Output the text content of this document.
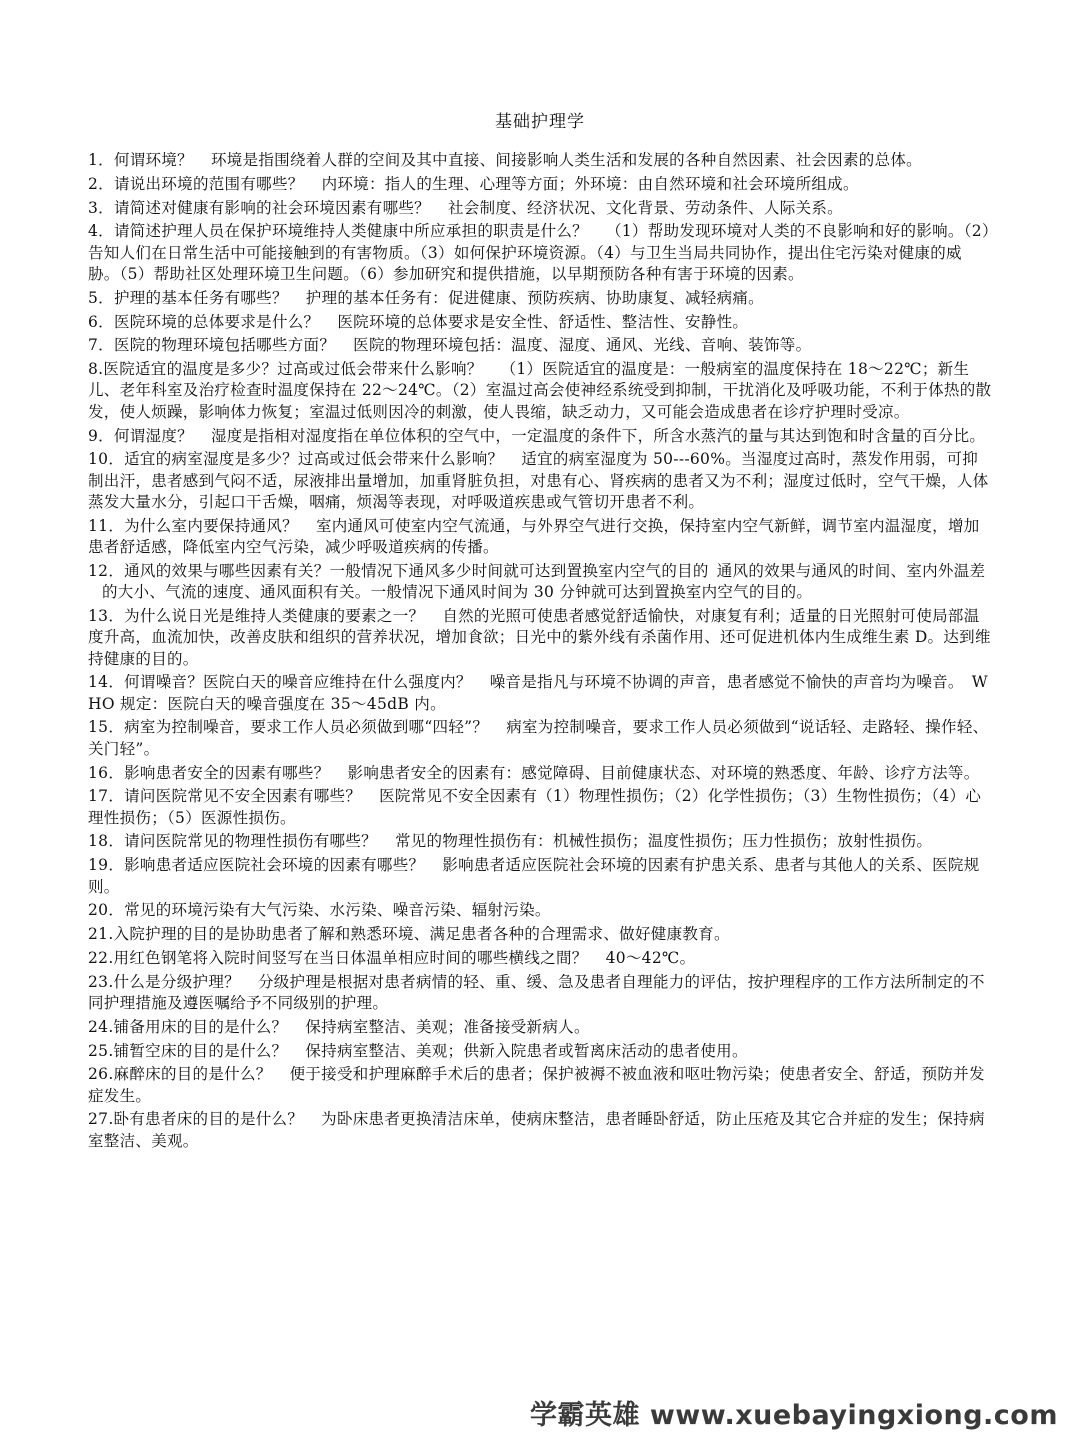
基础护理学

1．何谓环境？ 环境是指围绕着人群的空间及其中直接、间接影响人类生活和发展的各种自然因素、社会因素的总体。

2．请说出环境的范围有哪些？ 内环境：指人的生理、心理等方面；外环境：由自然环境和社会环境所组成。

3．请简述对健康有影响的社会环境因素有哪些？ 社会制度、经济状况、文化背景、劳动条件、人际关系。

4．请简述护理人员在保护环境维持人类健康中所应承担的职责是什么？ （1）帮助发现环境对人类的不良影响和好的影响。（2）告知人们在日常生活中可能接触到的有害物质。（3）如何保护环境资源。（4）与卫生当局共同协作，提出住宅污染对健康的威胁。（5）帮助社区处理环境卫生问题。（6）参加研究和提供措施，以早期预防各种有害于环境的因素。

5．护理的基本任务有哪些？ 护理的基本任务有：促进健康、预防疾病、协助康复、减轻病痛。

6．医院环境的总体要求是什么？ 医院环境的总体要求是安全性、舒适性、整洁性、安静性。

7．医院的物理环境包括哪些方面？ 医院的物理环境包括：温度、湿度、通风、光线、音响、装饰等。

8.医院适宜的温度是多少？过高或过低会带来什么影响？ （1）医院适宜的温度是：一般病室的温度保持在 18～22℃；新生儿、老年科室及治疗检查时温度保持在 22～24℃。（2）室温过高会使神经系统受到抑制，干扰消化及呼吸功能，不利于体热的散发，使人烦躁，影响体力恢复；室温过低则因冷的刺激，使人畏缩，缺乏动力，又可能会造成患者在诊疗护理时受凉。

9．何谓湿度？ 湿度是指相对湿度指在单位体积的空气中，一定温度的条件下，所含水蒸汽的量与其达到饱和时含量的百分比。

10．适宜的病室湿度是多少？过高或过低会带来什么影响？ 适宜的病室湿度为 50---60%。当湿度过高时，蒸发作用弱，可抑制出汗，患者感到气闷不适，尿液排出量增加，加重肾脏负担，对患有心、肾疾病的患者又为不利；湿度过低时，空气干燥，人体蒸发大量水分，引起口干舌燥，咽痛，烦渴等表现，对呼吸道疾患或气管切开患者不利。

11．为什么室内要保持通风？ 室内通风可使室内空气流通，与外界空气进行交换，保持室内空气新鲜，调节室内温湿度，增加患者舒适感，降低室内空气污染，减少呼吸道疾病的传播。

12．通风的效果与哪些因素有关？一般情况下通风多少时间就可达到置换室内空气的目的 通风的效果与通风的时间、室内外温差的大小、气流的速度、通风面积有关。一般情况下通风时间为 30 分钟就可达到置换室内空气的目的。

13．为什么说日光是维持人类健康的要素之一？ 自然的光照可使患者感觉舒适愉快，对康复有利；适量的日光照射可使局部温度升高，血流加快，改善皮肤和组织的营养状况，增加食欲；日光中的紫外线有杀菌作用、还可促进机体内生成维生素 D。达到维持健康的目的。

14．何谓噪音？医院白天的噪音应维持在什么强度内？ 噪音是指凡与环境不协调的声音，患者感觉不愉快的声音均为噪音。　WHO 规定：医院白天的噪音强度在 35～45dB 内。

15．病室为控制噪音，要求工作人员必须做到哪“四轻”？ 病室为控制噪音，要求工作人员必须做到“说话轻、走路轻、操作轻、关门轻”。

16．影响患者安全的因素有哪些？ 影响患者安全的因素有：感觉障碍、目前健康状态、对环境的熟悉度、年龄、诊疗方法等。

17．请问医院常见不安全因素有哪些？ 医院常见不安全因素有（1）物理性损伤；（2）化学性损伤；（3）生物性损伤；（4）心理性损伤；（5）医源性损伤。

18．请问医院常见的物理性损伤有哪些？ 常见的物理性损伤有：机械性损伤；温度性损伤；压力性损伤；放射性损伤。

19．影响患者适应医院社会环境的因素有哪些？ 影响患者适应医院社会环境的因素有护患关系、患者与其他人的关系、医院规则。

20．常见的环境污染有大气污染、水污染、噪音污染、辐射污染。

21.入院护理的目的是协助患者了解和熟悉环境、满足患者各种的合理需求、做好健康教育。

22.用红色钢笔将入院时间竖写在当日体温单相应时间的哪些横线之間？ 40～42℃。

23.什么是分级护理？ 分级护理是根据对患者病情的轻、重、缓、急及患者自理能力的评估，按护理程序的工作方法所制定的不同护理措施及遵医嘱给予不同级别的护理。

24.铺备用床的目的是什么？ 保持病室整洁、美观；准备接受新病人。

25.铺暂空床的目的是什么？ 保持病室整洁、美观；供新入院患者或暂离床活动的患者使用。

26.麻醉床的目的是什么？ 便于接受和护理麻醉手术后的患者；保护被褥不被血液和呕吐物污染；使患者安全、舒适，预防并发症发生。

27.卧有患者床的目的是什么？ 为卧床患者更换清洁床单，使病床整洁，患者睡卧舒适，防止压疮及其它合并症的发生；保持病室整洁、美观。

学霸英雄 www.xuebayingxiong.com
